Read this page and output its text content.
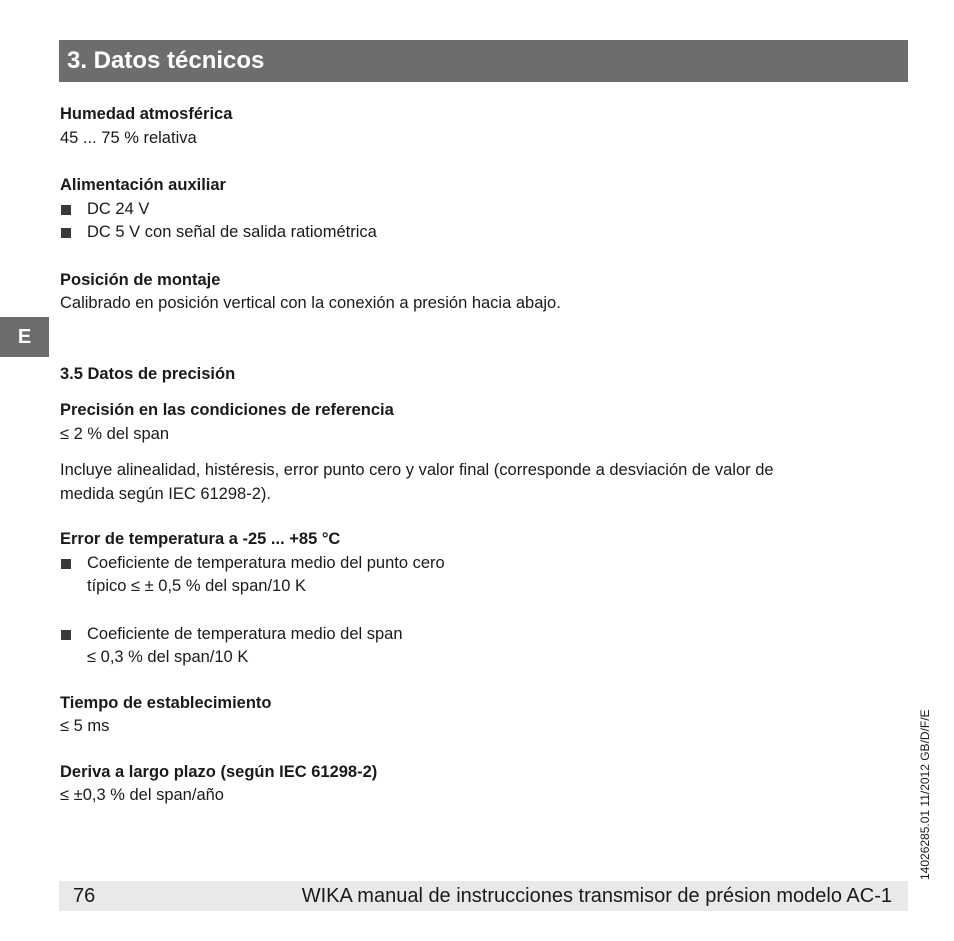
3. Datos técnicos
E

Humedad atmosférica

45 ... 75 % relativa

Alimentación auxiliar

DC 24 V

DC 5 V con señal de salida ratiométrica

Posición de montaje

Calibrado en posición vertical con la conexión a presión hacia abajo.

3.5 Datos de precisión

Precisión en las condiciones de referencia

≤ 2 % del span

Incluye alinealidad, histéresis, error punto cero y valor final (corresponde a desviación de valor de

medida según IEC 61298-2).

Error de temperatura a -25 ... +85 °C

Coeficiente de temperatura medio del punto cero

típico ≤ ± 0,5 % del span/10 K

Coeficiente de temperatura medio del span

≤ 0,3 % del span/10 K

Tiempo de establecimiento

≤ 5 ms

Deriva a largo plazo (según IEC 61298-2)

≤ ±0,3 % del span/año	14026285.01 11/2012 GB/D/F/E
76	WIKA manual de instrucciones transmisor de présion modelo AC-1
